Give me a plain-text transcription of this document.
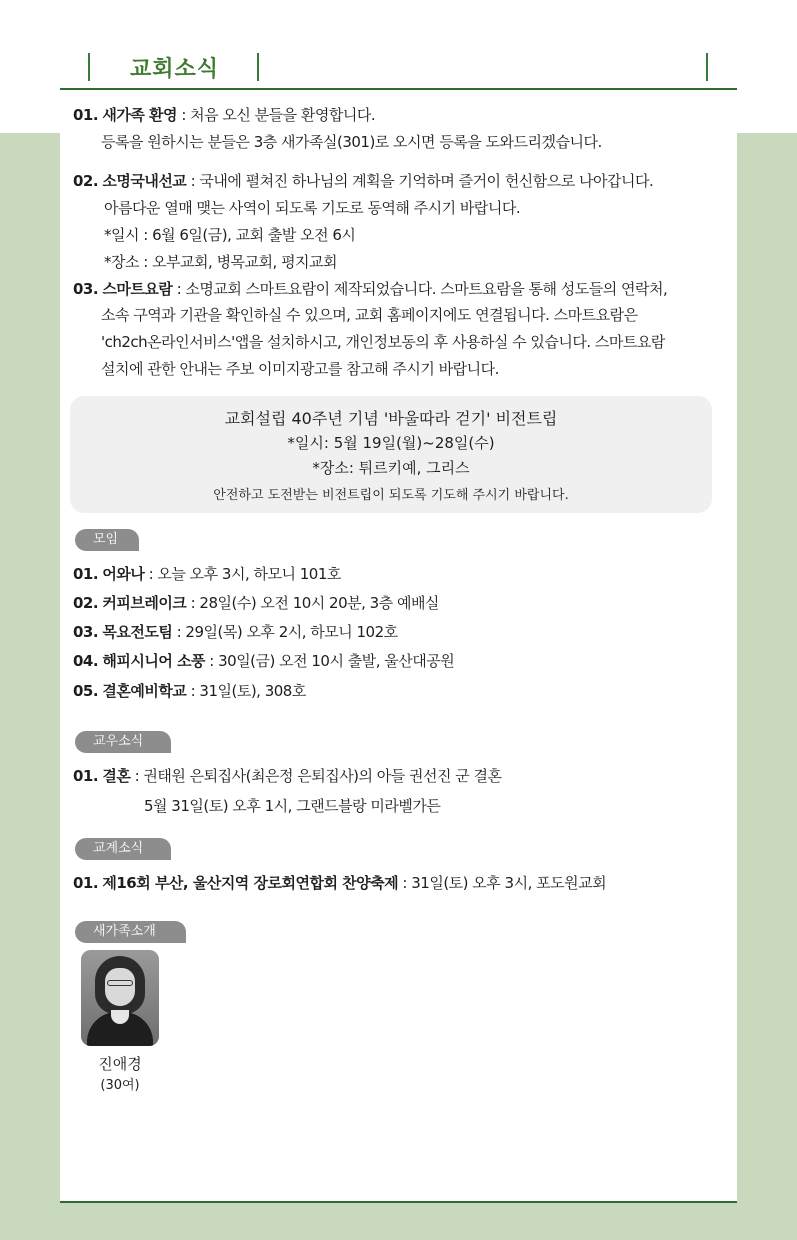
교회소식
01. 새가족 환영 : 처음 오신 분들을 환영합니다.
등록을 원하시는 분들은 3층 새가족실(301)로 오시면 등록을 도와드리겠습니다.
02. 소명국내선교 : 국내에 펼쳐진 하나님의 계획을 기억하며 즐거이 헌신함으로 나아갑니다.
아름다운 열매 맺는 사역이 되도록 기도로 동역해 주시기 바랍니다.
*일시 : 6월 6일(금), 교회 출발 오전 6시
*장소 : 오부교회, 병목교회, 평지교회
03. 스마트요람 : 소명교회 스마트요람이 제작되었습니다. 스마트요람을 통해 성도들의 연락처,
소속 구역과 기관을 확인하실 수 있으며, 교회 홈페이지에도 연결됩니다. 스마트요람은
'ch2ch온라인서비스'앱을 설치하시고, 개인정보동의 후 사용하실 수 있습니다. 스마트요람
설치에 관한 안내는 주보 이미지광고를 참고해 주시기 바랍니다.
교회설립 40주년 기념 '바울따라 걷기' 비전트립
*일시: 5월 19일(월)~28일(수)
*장소: 튀르키예, 그리스
안전하고 도전받는 비전트립이 되도록 기도해 주시기 바랍니다.
모임
01. 어와나 : 오늘 오후 3시, 하모니 101호
02. 커피브레이크 : 28일(수) 오전 10시 20분, 3층 예배실
03. 목요전도팀 : 29일(목) 오후 2시, 하모니 102호
04. 해피시니어 소풍 : 30일(금) 오전 10시 출발, 울산대공원
05. 결혼예비학교 : 31일(토), 308호
교우소식
01. 결혼 : 권태원 은퇴집사(최은정 은퇴집사)의 아들 권선진 군 결혼
5월 31일(토) 오후 1시, 그랜드블랑 미라벨가든
교계소식
01. 제16회 부산, 울산지역 장로회연합회 찬양축제 : 31일(토) 오후 3시, 포도원교회
새가족소개
진애경
(30여)
